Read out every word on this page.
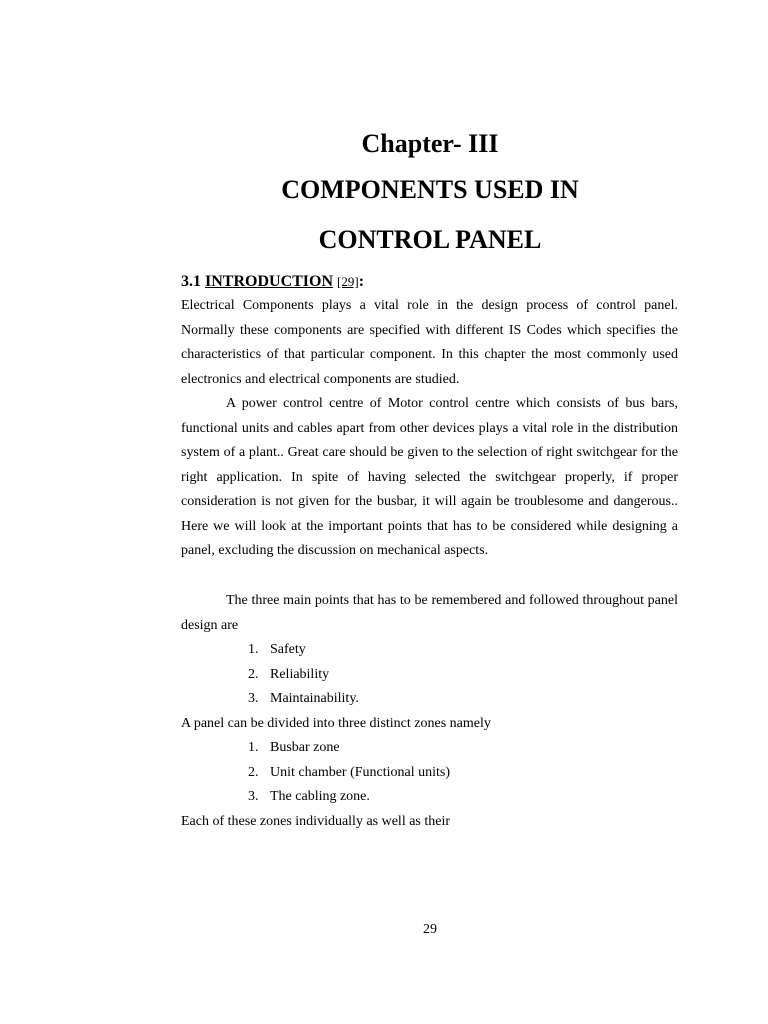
Chapter- III
COMPONENTS USED IN
CONTROL PANEL
3.1 INTRODUCTION [29]:

Electrical Components plays a vital role in the design process of control panel. Normally these components are specified with different IS Codes which specifies the characteristics of that particular component. In this chapter the most commonly used electronics and electrical components are studied.

A power control centre of Motor control centre which consists of bus bars, functional units and cables apart from other devices plays a vital role in the distribution system of a plant.. Great care should be given to the selection of right switchgear for the right application. In spite of having selected the switchgear properly, if proper consideration is not given for the busbar, it will again be troublesome and dangerous.. Here we will look at the important points that has to be considered while designing a panel, excluding the discussion on mechanical aspects.

The three main points that has to be remembered and followed throughout panel design are

1. Safety
2. Reliability
3. Maintainability.
A panel can be divided into three distinct zones namely
1. Busbar zone
2. Unit chamber (Functional units)
3. The cabling zone.
Each of these zones individually as well as their
29
